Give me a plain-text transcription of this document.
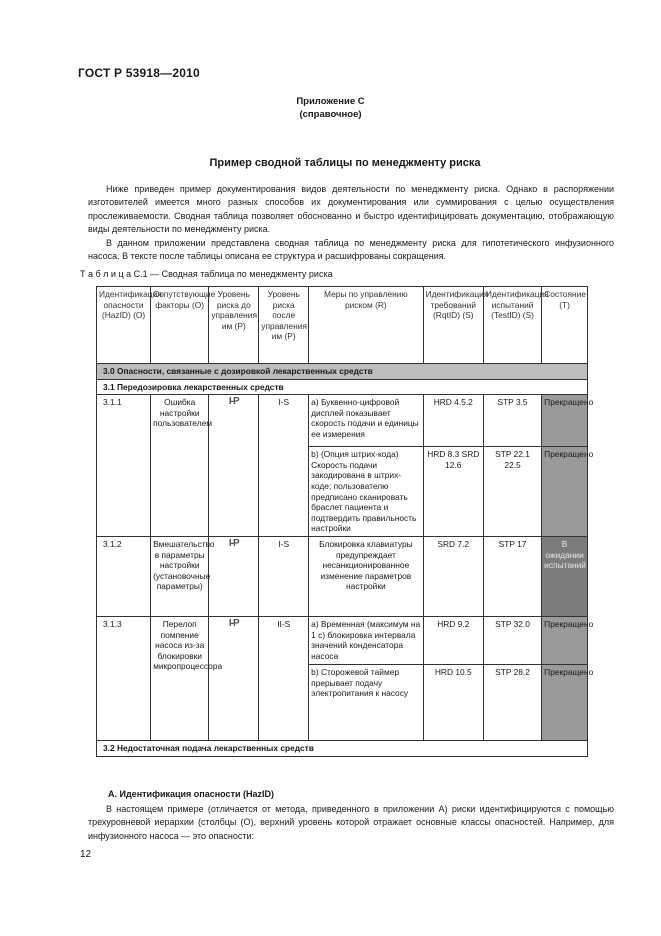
ГОСТ Р 53918—2010
Приложение С
(справочное)
Пример сводной таблицы по менеджменту риска

Ниже приведен пример документирования видов деятельности по менеджменту риска. Однако в распоряжении изготовителей имеется много разных способов их документирования или суммирования с целью осуществления прослеживаемости. Сводная таблица позволяет обоснованно и быстро идентифицировать документацию, отображающую виды деятельности по менеджменту риска.

В данном приложении представлена сводная таблица по менеджменту риска для гипотетического инфузионного насоса. В тексте после таблицы описана ее структура и расшифрованы сокращения.

Т а б л и ц а С.1 — Сводная таблица по менеджменту риска
Идентификация опасности (HazID) (O)	Сопутствующие факторы (O)	Уровень риска до управления им (P)	Уровень риска после управления им (P)	Меры по управлению риском (R)	Идентификация требований (RqtID) (S)	Идентификация испытаний (TestID) (S)	Состояние (T)
3.0 Опасности, связанные с дозировкой лекарственных средств							
3.1 Передозировка лекарственных средств							
3.1.1	Ошибка настройки пользователем	I-P	I-S	а) Буквенно-цифровой дисплей показывает скорость подачи и единицы ее измерения	HRD 4.5.2	STP 3.5	Прекращено
				b) (Опция штрих-кода) Скорость подачи закодирована в штрих-коде; пользователю предписано сканировать браслет пациента и подтвердить правильность настройки	HRD 8.3 SRD 12.6	STP 22.1 22.5	Прекращено
3.1.2	Вмешательство в параметры настройки (установочные параметры)	I-P	I-S	Блокировка клавиатуры предупреждает несанкционированное изменение параметров настройки	SRD 7.2	STP 17	В ожидании испытаний
3.1.3	Перелоп помпение насоса из-за блокировки микропроцессора	I-P	II-S	а) Временная (максимум на 1 с) блокировка интервала значений конденсатора насоса	HRD 9.2	STP 32.0	Прекращено
				b) Сторожевой таймер прерывает подачу электропитания к насосу	HRD 10.5	STP 28.2	Прекращено
3.2 Недостаточная подача лекарственных средств							
А. Идентификация опасности (HazID)

В настоящем примере (отличается от метода, приведенного в приложении А) риски идентифицируются с помощью трехуровневой иерархии (столбцы (O), верхний уровень которой отражает основные классы опасностей. Например, для инфузионного насоса — это опасности:

12
